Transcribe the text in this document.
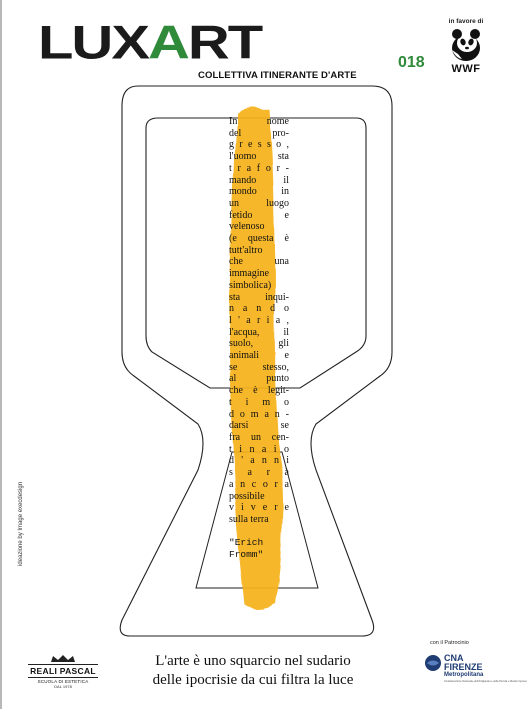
LUXART	018
COLLETTIVA ITINERANTE D'ARTE
in favore di
WWF

In nome

del pro-

g r e s s o ,

l'uomo sta

t r a f o r -

mando il

mondo in

un luogo

fetido e

velenoso

(e questa è

tutt'altro

che una

immagine

simbolica)

sta inqui-

n a n d o

l ' a r i a ,

l'acqua, il

suolo, gli

animali e

se stesso,

al punto

che è legit-

t i m o

d o m a n -

darsi se

fra un cen-

t i n a i o

d ' a n n i

s a r à

a n c o r a

possibile

v i v e r e

sulla terra

"Erich

Fromm"

ideazione by Image execdesign
L'arte è uno squarcio nel sudario
delle ipocrisie da cui filtra la luce
REALI PASCAL
SCUOLA DI ESTETICA
DAL 1978
con il Patrocinio
CNA
FIRENZE
Metropolitana
Confederazione Nazionale dell'Artigianato e della Piccola e Media Impresa
